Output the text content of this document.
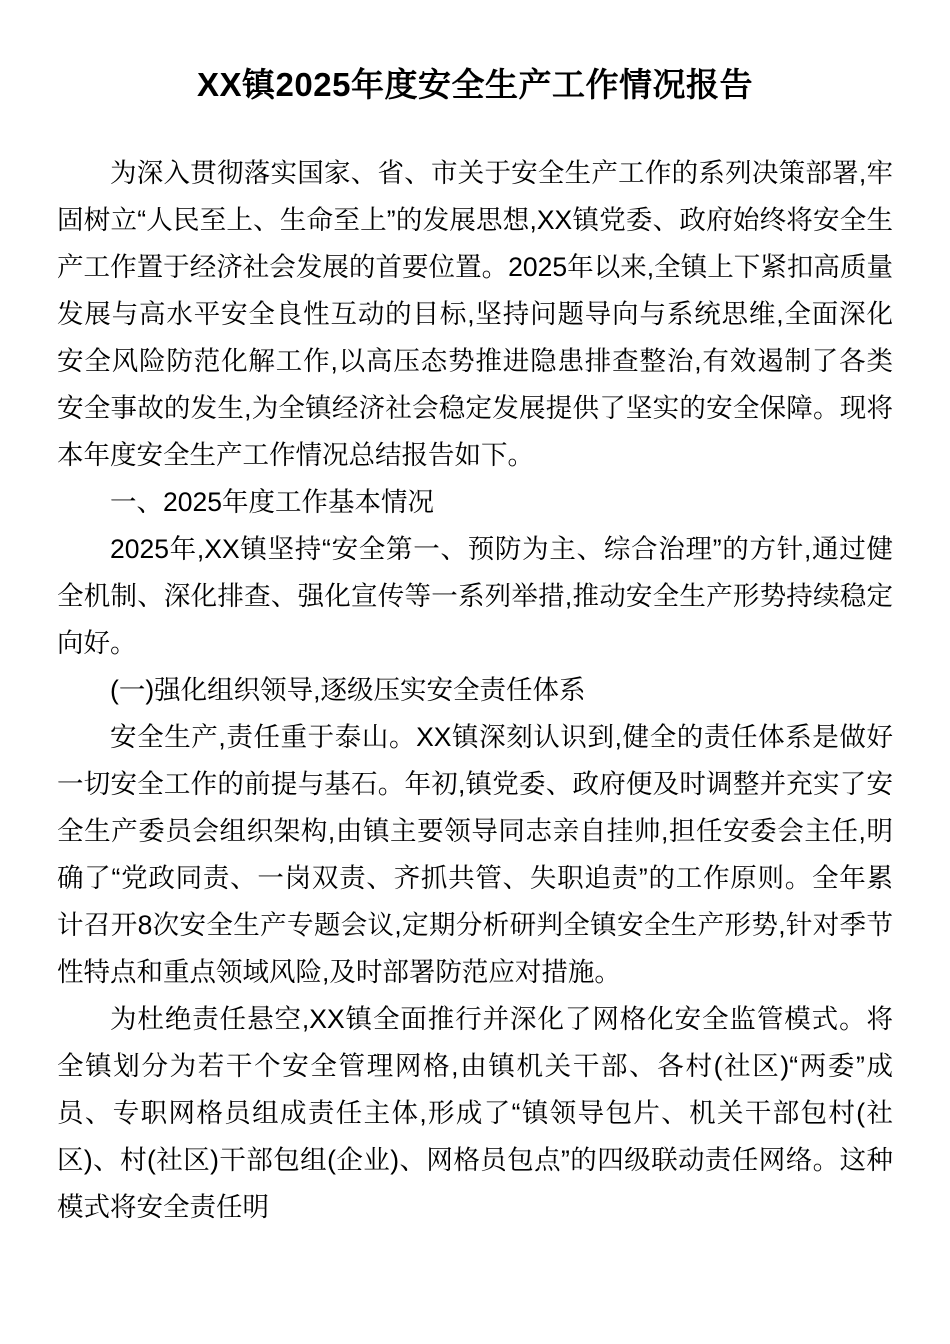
XX镇2025年度安全生产工作情况报告

为深入贯彻落实国家、省、市关于安全生产工作的系列决策部署,牢固树立“人民至上、生命至上”的发展思想,XX镇党委、政府始终将安全生产工作置于经济社会发展的首要位置。2025年以来,全镇上下紧扣高质量发展与高水平安全良性互动的目标,坚持问题导向与系统思维,全面深化安全风险防范化解工作,以高压态势推进隐患排查整治,有效遏制了各类安全事故的发生,为全镇经济社会稳定发展提供了坚实的安全保障。现将本年度安全生产工作情况总结报告如下。

一、2025年度工作基本情况

2025年,XX镇坚持“安全第一、预防为主、综合治理”的方针,通过健全机制、深化排查、强化宣传等一系列举措,推动安全生产形势持续稳定向好。

(一)强化组织领导,逐级压实安全责任体系

安全生产,责任重于泰山。XX镇深刻认识到,健全的责任体系是做好一切安全工作的前提与基石。年初,镇党委、政府便及时调整并充实了安全生产委员会组织架构,由镇主要领导同志亲自挂帅,担任安委会主任,明确了“党政同责、一岗双责、齐抓共管、失职追责”的工作原则。全年累计召开8次安全生产专题会议,定期分析研判全镇安全生产形势,针对季节性特点和重点领域风险,及时部署防范应对措施。

为杜绝责任悬空,XX镇全面推行并深化了网格化安全监管模式。将全镇划分为若干个安全管理网格,由镇机关干部、各村(社区)“两委”成员、专职网格员组成责任主体,形成了“镇领导包片、机关干部包村(社区)、村(社区)干部包组(企业)、网格员包点”的四级联动责任网络。这种模式将安全责任明
